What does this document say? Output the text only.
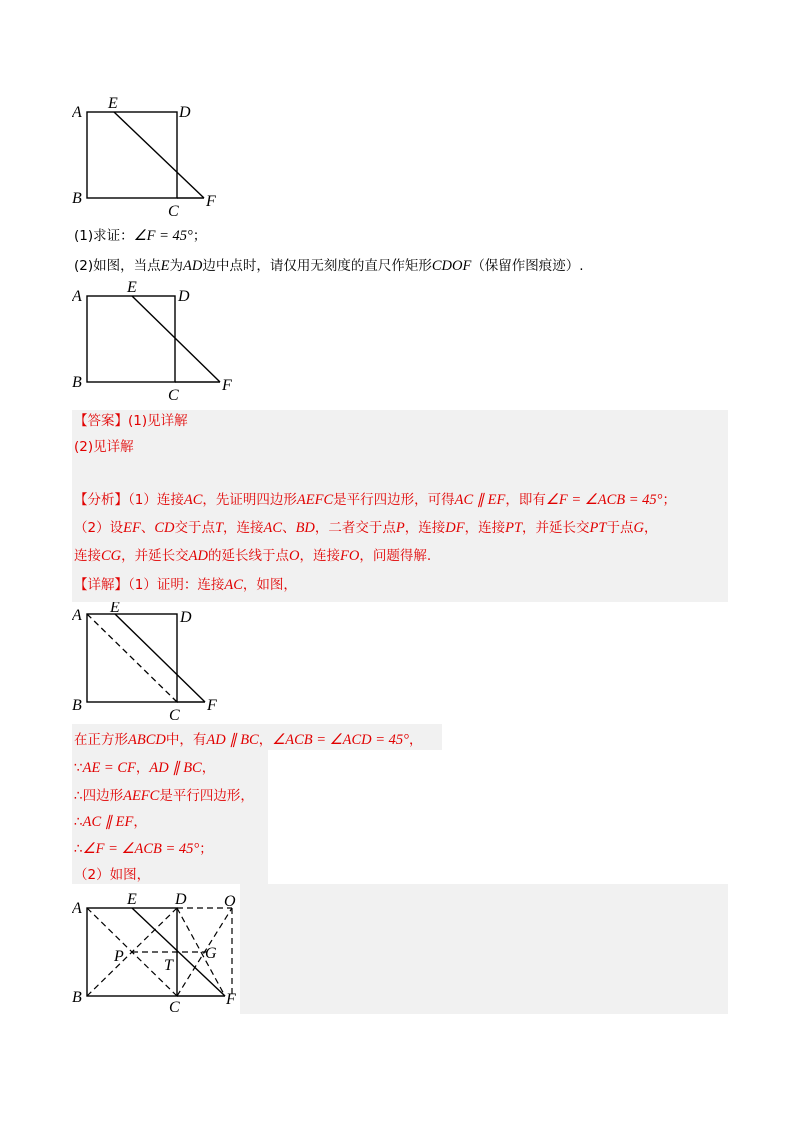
A
E
D
B
C
F
(1)求证：∠F = 45°；
(2)如图，当点E为AD边中点时，请仅用无刻度的直尺作矩形CDOF（保留作图痕迹）.
A
E
D
B
C
F
【答案】(1)见详解
(2)见详解
【分析】（1）连接AC，先证明四边形AEFC是平行四边形，可得AC ∥ EF，即有∠F = ∠ACB = 45°；
（2）设EF、CD交于点T，连接AC、BD，二者交于点P，连接DF，连接PT，并延长交PT于点G，
连接CG，并延长交AD的延长线于点O，连接FO，问题得解.
【详解】（1）证明：连接AC，如图，
A E
D
B
C
F
在正方形ABCD中，有AD ∥ BC，∠ACB = ∠ACD = 45°，
∵AE = CF，AD ∥ BC，
∴四边形AEFC是平行四边形，
∴AC ∥ EF，
∴∠F = ∠ACB = 45°；
（2）如图，
A
E D O
P
T
G
B
C	F
